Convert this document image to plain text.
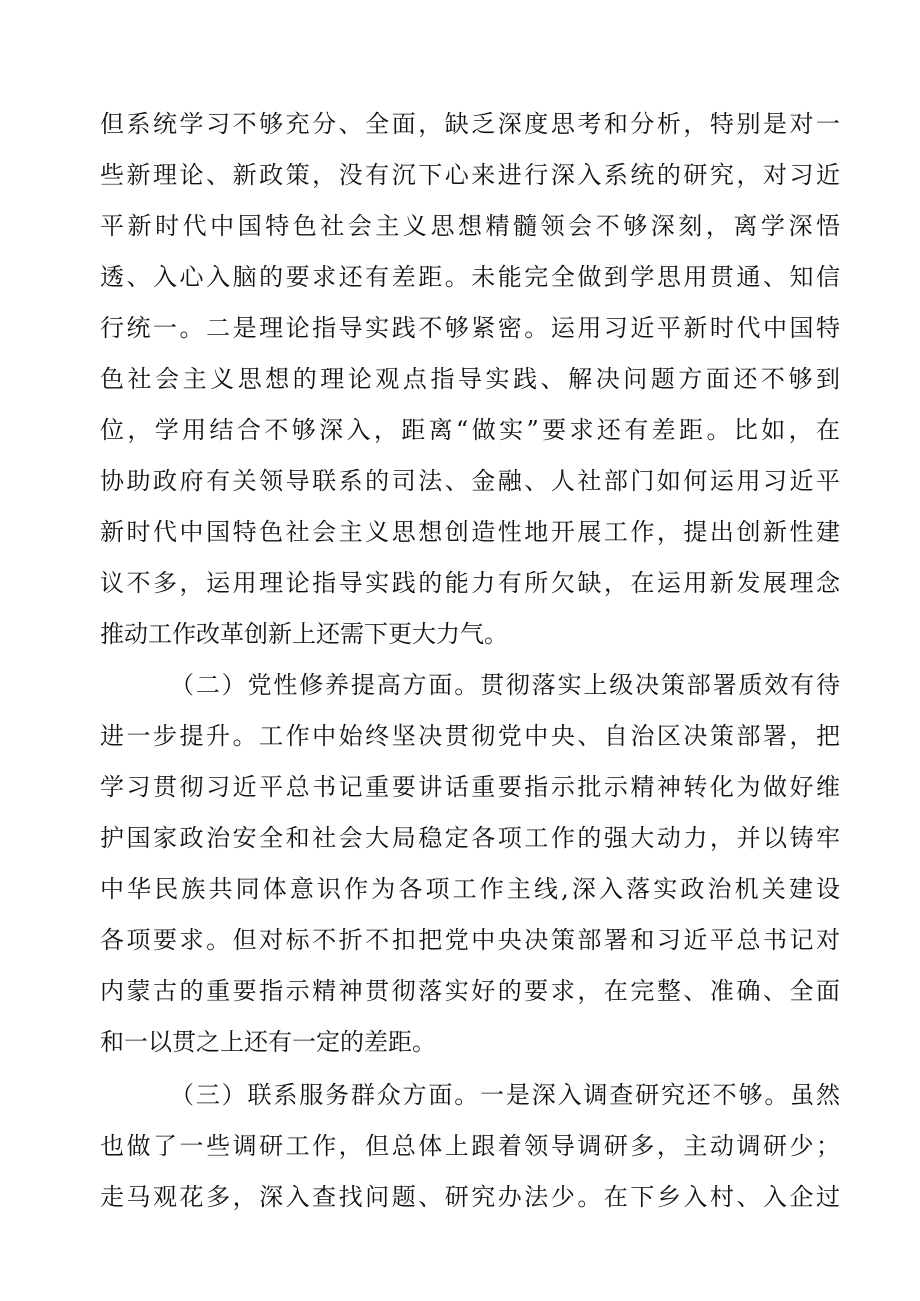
但系统学习不够充分、全面，缺乏深度思考和分析，特别是对一
些新理论、新政策，没有沉下心来进行深入系统的研究，对习近
平新时代中国特色社会主义思想精髓领会不够深刻，离学深悟
透、入心入脑的要求还有差距。未能完全做到学思用贯通、知信
行统一。二是理论指导实践不够紧密。运用习近平新时代中国特
色社会主义思想的理论观点指导实践、解决问题方面还不够到
位，学用结合不够深入，距离“做实”要求还有差距。比如，在
协助政府有关领导联系的司法、金融、人社部门如何运用习近平
新时代中国特色社会主义思想创造性地开展工作，提出创新性建
议不多，运用理论指导实践的能力有所欠缺，在运用新发展理念
推动工作改革创新上还需下更大力气。
（二）党性修养提高方面。贯彻落实上级决策部署质效有待
进一步提升。工作中始终坚决贯彻党中央、自治区决策部署，把
学习贯彻习近平总书记重要讲话重要指示批示精神转化为做好维
护国家政治安全和社会大局稳定各项工作的强大动力，并以铸牢
中华民族共同体意识作为各项工作主线,深入落实政治机关建设
各项要求。但对标不折不扣把党中央决策部署和习近平总书记对
内蒙古的重要指示精神贯彻落实好的要求，在完整、准确、全面
和一以贯之上还有一定的差距。
（三）联系服务群众方面。一是深入调查研究还不够。虽然
也做了一些调研工作，但总体上跟着领导调研多，主动调研少；
走马观花多，深入查找问题、研究办法少。在下乡入村、入企过
